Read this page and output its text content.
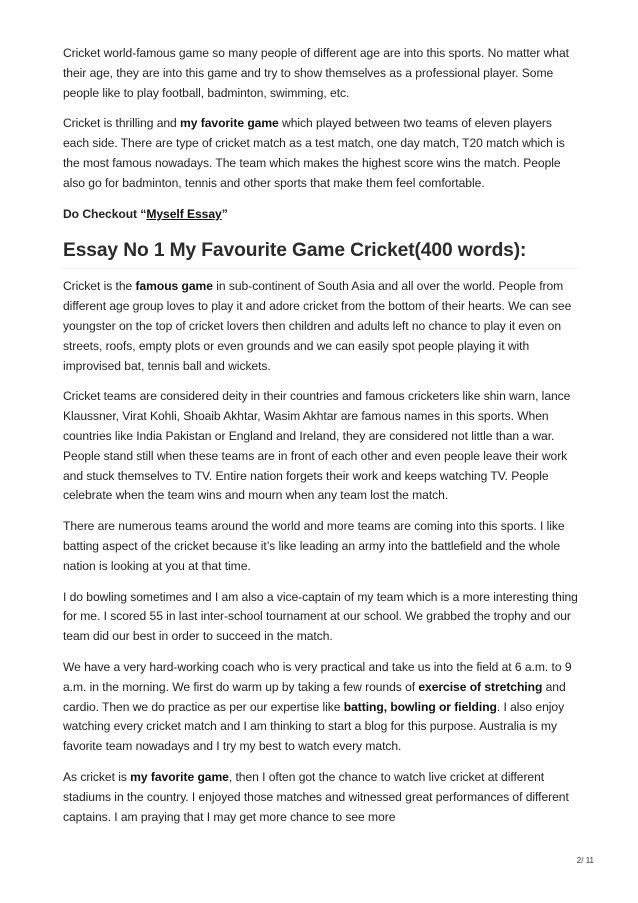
Cricket world-famous game so many people of different age are into this sports. No matter what their age, they are into this game and try to show themselves as a professional player. Some people like to play football, badminton, swimming, etc.

Cricket is thrilling and my favorite game which played between two teams of eleven players each side. There are type of cricket match as a test match, one day match, T20 match which is the most famous nowadays. The team which makes the highest score wins the match. People also go for badminton, tennis and other sports that make them feel comfortable.

Do Checkout “Myself Essay”

Essay No 1 My Favourite Game Cricket(400 words):

Cricket is the famous game in sub-continent of South Asia and all over the world. People from different age group loves to play it and adore cricket from the bottom of their hearts. We can see youngster on the top of cricket lovers then children and adults left no chance to play it even on streets, roofs, empty plots or even grounds and we can easily spot people playing it with improvised bat, tennis ball and wickets.

Cricket teams are considered deity in their countries and famous cricketers like shin warn, lance Klaussner, Virat Kohli, Shoaib Akhtar, Wasim Akhtar are famous names in this sports. When countries like India Pakistan or England and Ireland, they are considered not little than a war. People stand still when these teams are in front of each other and even people leave their work and stuck themselves to TV. Entire nation forgets their work and keeps watching TV. People celebrate when the team wins and mourn when any team lost the match.

There are numerous teams around the world and more teams are coming into this sports. I like batting aspect of the cricket because it’s like leading an army into the battlefield and the whole nation is looking at you at that time.

I do bowling sometimes and I am also a vice-captain of my team which is a more interesting thing for me. I scored 55 in last inter-school tournament at our school. We grabbed the trophy and our team did our best in order to succeed in the match.

We have a very hard-working coach who is very practical and take us into the field at 6 a.m. to 9 a.m. in the morning. We first do warm up by taking a few rounds of exercise of stretching and cardio. Then we do practice as per our expertise like batting, bowling or fielding. I also enjoy watching every cricket match and I am thinking to start a blog for this purpose. Australia is my favorite team nowadays and I try my best to watch every match.

As cricket is my favorite game, then I often got the chance to watch live cricket at different stadiums in the country. I enjoyed those matches and witnessed great performances of different captains. I am praying that I may get more chance to see more

2/ 11
